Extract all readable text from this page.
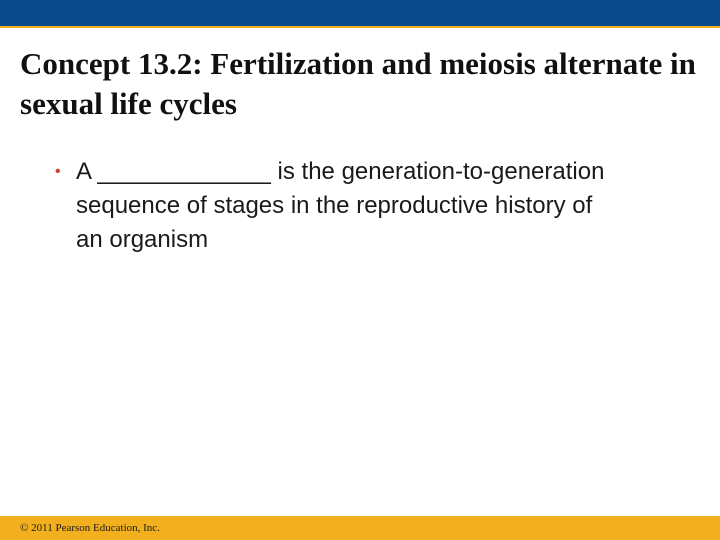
Concept 13.2: Fertilization and meiosis alternate in sexual life cycles
• A _____________ is the generation-to-generation sequence of stages in the reproductive history of an organism
© 2011 Pearson Education, Inc.
